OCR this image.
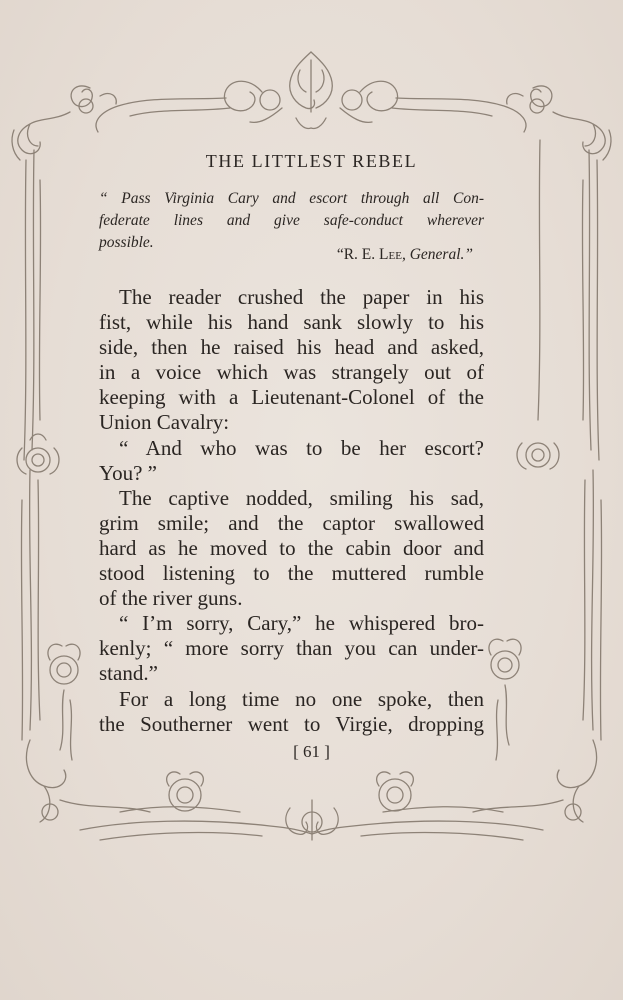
THE LITTLEST REBEL
“ Pass Virginia Cary and escort through all Con-
federate lines and give safe-conduct wherever
possible.
“R. E. Lee, General.”
The reader crushed the paper in his
fist, while his hand sank slowly to his
side, then he raised his head and asked,
in a voice which was strangely out of
keeping with a Lieutenant-Colonel of the
Union Cavalry:
“ And who was to be her escort?
You? ”
The captive nodded, smiling his sad,
grim smile; and the captor swallowed
hard as he moved to the cabin door and
stood listening to the muttered rumble
of the river guns.
“ I’m sorry, Cary,” he whispered bro-
kenly; “ more sorry than you can under-
stand.”
For a long time no one spoke, then
the Southerner went to Virgie, dropping
[ 61 ]
